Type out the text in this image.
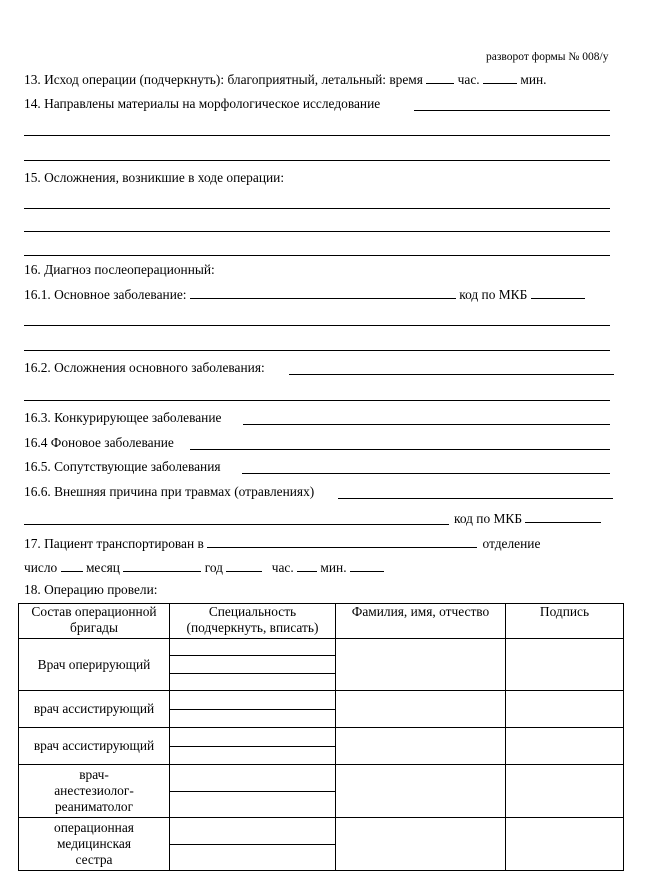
разворот формы № 008/у
13. Исход операции (подчеркнуть): благоприятный, летальный: время	час.	мин.
14. Направлены материалы на морфологическое исследование
15. Осложнения, возникшие в ходе операции:
16. Диагноз послеоперационный:
16.1. Основное заболевание:	код по МКБ
16.2. Осложнения основного заболевания:
16.3. Конкурирующее заболевание
16.4 Фоновое заболевание
16.5. Сопутствующие заболевания
16.6. Внешняя причина при травмах (отравлениях)
код по МКБ
17. Пациент транспортирован в	отделение
число месяц	год	час. мин.
18. Операцию провели:
Состав операционной бригады	Специальность (подчеркнуть, вписать)	Фамилия, имя, отчество	Подпись
Врач оперирующий	

врач ассистирующий	

врач ассистирующий	

врач-анестезиолог-реаниматолог	

операционная медицинская сестра	
